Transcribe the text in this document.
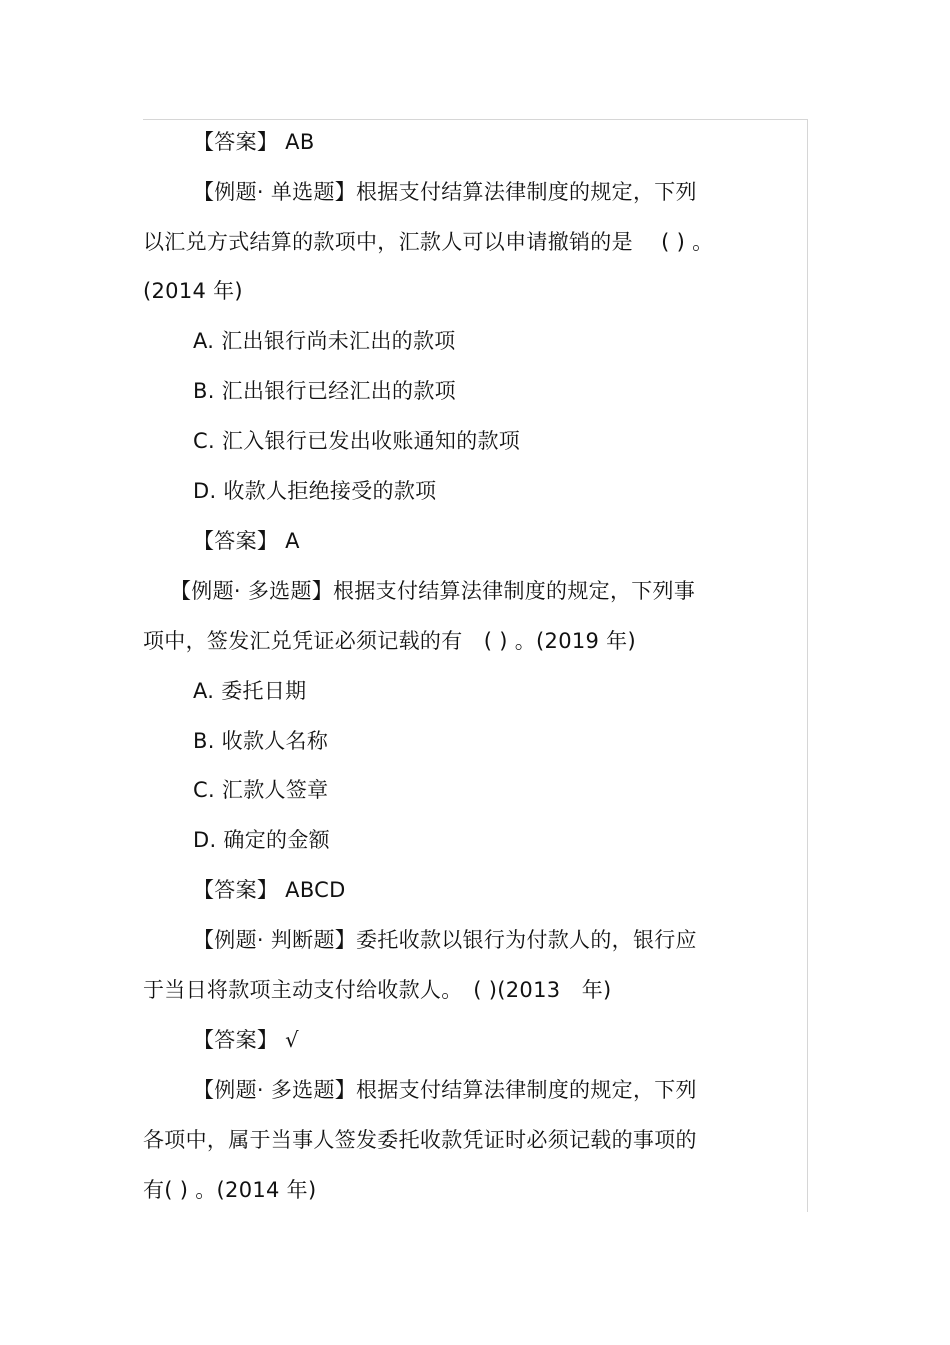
【答案】 AB
【例题· 单选题】根据支付结算法律制度的规定，下列
以汇兑方式结算的款项中，汇款人可以申请撤销的是　 ( ) 。
(2014 年)
A. 汇出银行尚未汇出的款项
B. 汇出银行已经汇出的款项
C. 汇入银行已发出收账通知的款项
D. 收款人拒绝接受的款项
【答案】 A
【例题· 多选题】根据支付结算法律制度的规定，下列事
项中，签发汇兑凭证必须记载的有　( ) 。(2019 年)
A. 委托日期
B. 收款人名称
C. 汇款人签章
D. 确定的金额
【答案】 ABCD
【例题· 判断题】委托收款以银行为付款人的，银行应
于当日将款项主动支付给收款人。　( )(2013　年)
【答案】 √
【例题· 多选题】根据支付结算法律制度的规定，下列
各项中，属于当事人签发委托收款凭证时必须记载的事项的
有( ) 。(2014 年)
